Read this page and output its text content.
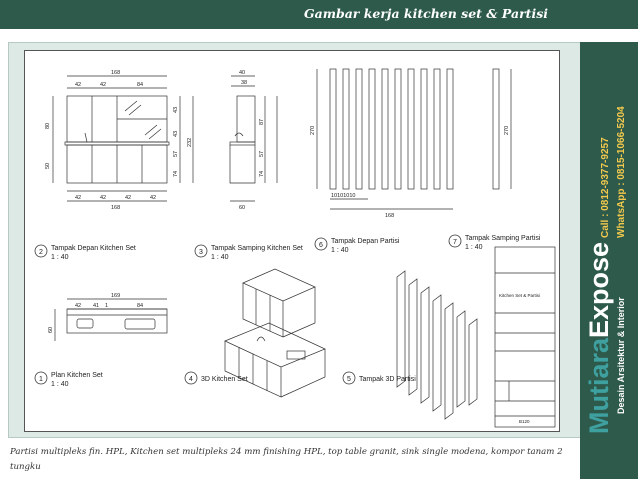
Gambar kerja kitchen set & Partisi
2
Tampak Depan Kitchen Set
1 : 40
3
Tampak Samping Kitchen Set
1 : 40
6
Tampak Depan Partisi
1 : 40
7
Tampak Samping Partisi
1 : 40
1
Plan Kitchen Set
1 : 40
4 3D Kitchen Set	5 Tampak 3D Partisi
168
42	42	84
42	42	42	42
168
40
38
60
10101010
168
169
42 41 1	84
80
50
43
43
57
74
232
87
57
74
270	270
60
Kitchen Set & Partisi
B120 MutiaraExpose
Desain Arsitektur & Interior
Call : 0812-9377-9257 WhatsApp : 0815-1066-5204
Partisi multipleks fin. HPL, Kitchen set multipleks 24 mm finishing HPL, top table granit, sink single modena, kompor tanam 2 tungku
